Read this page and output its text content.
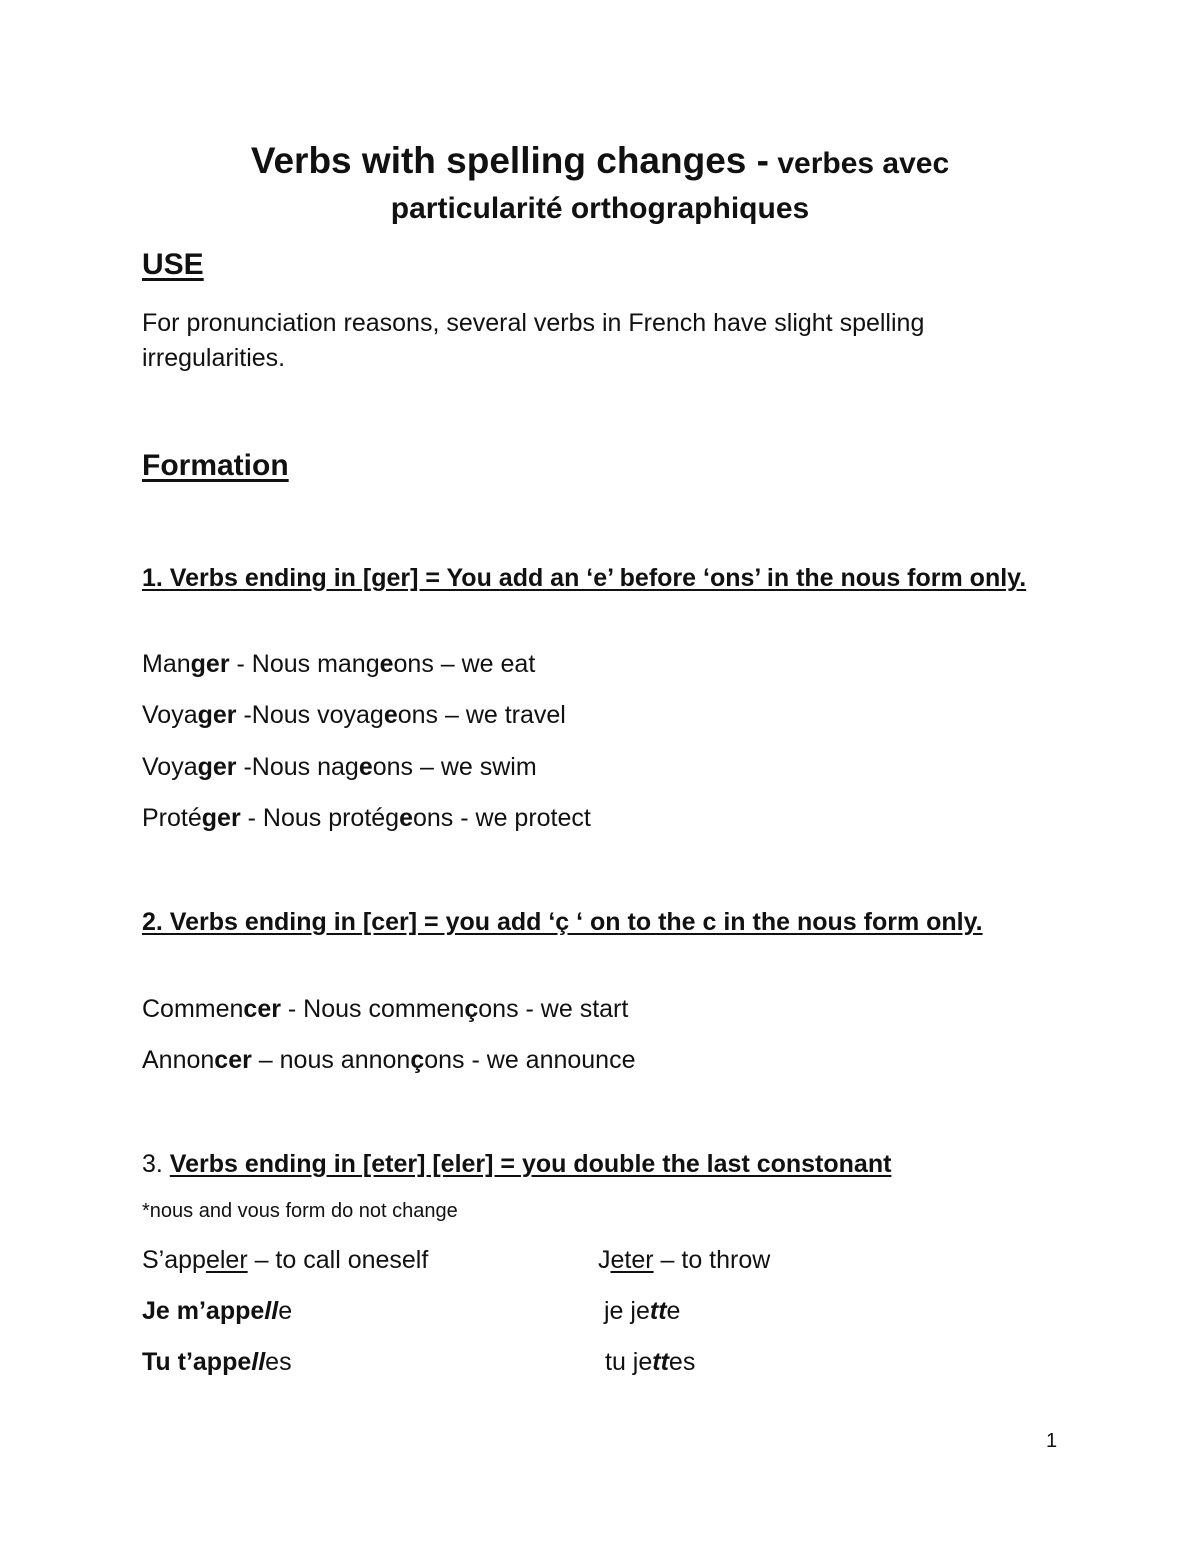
Verbs with spelling changes - verbes avec

particularité orthographiques

USE

For pronunciation reasons, several verbs in French have slight spelling irregularities.

Formation

1. Verbs ending in [ger] = You add an ‘e’ before ‘ons’ in the nous form only.

Manger - Nous mangeons – we eat

Voyager -Nous voyageons – we travel

Voyager -Nous nageons – we swim

Protéger - Nous protégeons - we protect

2. Verbs ending in [cer] = you add ‘ç ‘ on to the c in the nous form only.

Commencer - Nous commençons - we start

Annoncer – nous annonçons - we announce

3. Verbs ending in [eter] [eler] = you double the last constonant

*nous and vous form do not change

S’appeler – to call oneself	Jeter – to throw

Je m’appelle	je jette

Tu t’appelles	tu jettes

1
